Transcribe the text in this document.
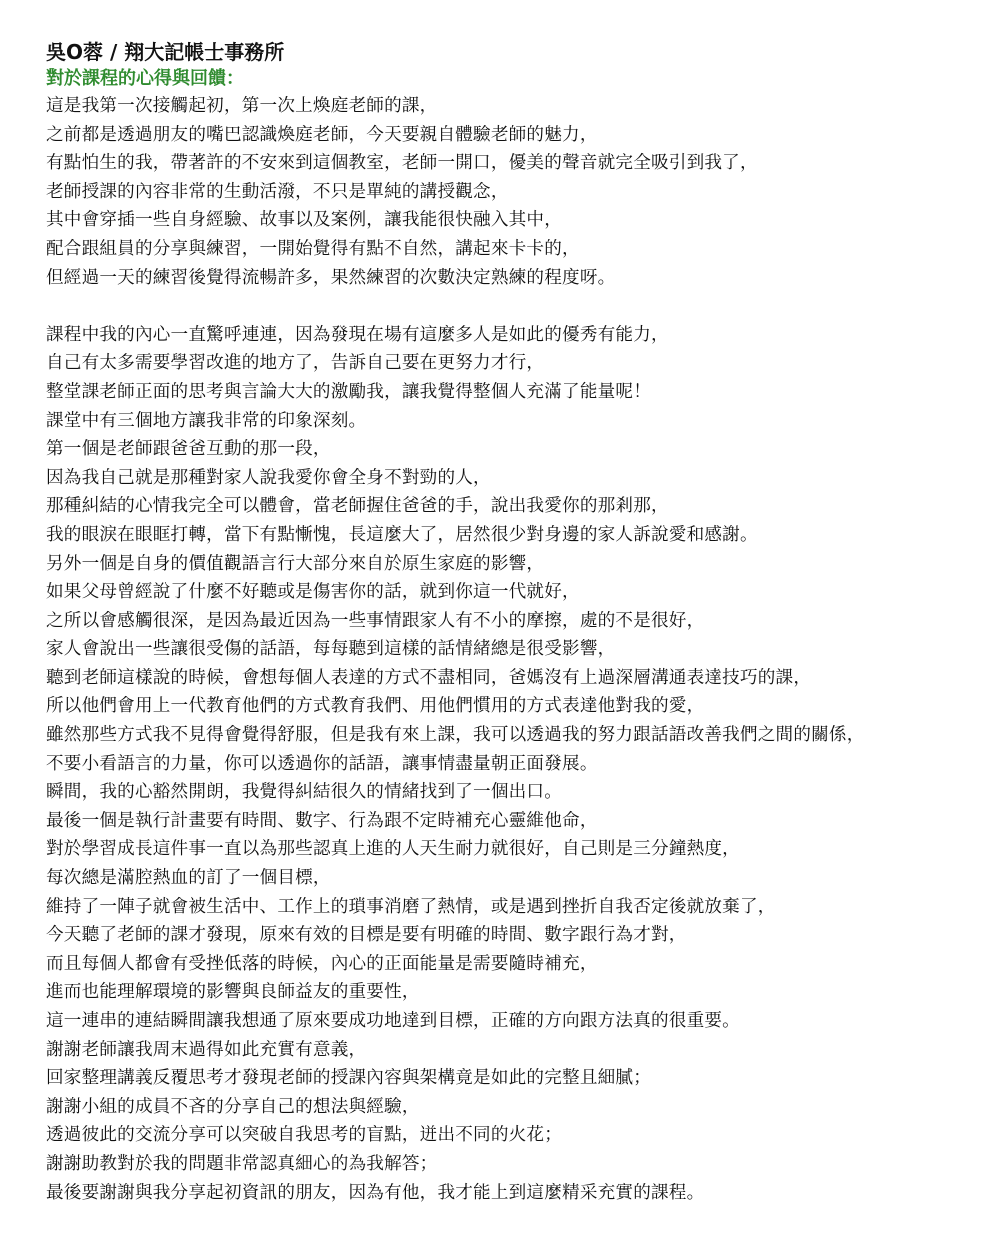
吳O蓉 / 翔大記帳士事務所
對於課程的心得與回饋：
這是我第一次接觸起初，第一次上煥庭老師的課，
之前都是透過朋友的嘴巴認識煥庭老師，今天要親自體驗老師的魅力，
有點怕生的我，帶著許的不安來到這個教室，老師一開口，優美的聲音就完全吸引到我了，
老師授課的內容非常的生動活潑，不只是單純的講授觀念，
其中會穿插一些自身經驗、故事以及案例，讓我能很快融入其中，
配合跟組員的分享與練習，一開始覺得有點不自然，講起來卡卡的，
但經過一天的練習後覺得流暢許多，果然練習的次數決定熟練的程度呀。
課程中我的內心一直驚呼連連，因為發現在場有這麼多人是如此的優秀有能力，
自己有太多需要學習改進的地方了，告訴自己要在更努力才行，
整堂課老師正面的思考與言論大大的激勵我，讓我覺得整個人充滿了能量呢！
課堂中有三個地方讓我非常的印象深刻。
第一個是老師跟爸爸互動的那一段，
因為我自己就是那種對家人說我愛你會全身不對勁的人，
那種糾結的心情我完全可以體會，當老師握住爸爸的手，說出我愛你的那剎那，
我的眼淚在眼眶打轉，當下有點慚愧，長這麼大了，居然很少對身邊的家人訴說愛和感謝。
另外一個是自身的價值觀語言行大部分來自於原生家庭的影響，
如果父母曾經說了什麼不好聽或是傷害你的話，就到你這一代就好，
之所以會感觸很深，是因為最近因為一些事情跟家人有不小的摩擦，處的不是很好，
家人會說出一些讓很受傷的話語，每每聽到這樣的話情緒總是很受影響，
聽到老師這樣說的時候，會想每個人表達的方式不盡相同，爸媽沒有上過深層溝通表達技巧的課，
所以他們會用上一代教育他們的方式教育我們、用他們慣用的方式表達他對我的愛，
雖然那些方式我不見得會覺得舒服，但是我有來上課，我可以透過我的努力跟話語改善我們之間的關係，
不要小看語言的力量，你可以透過你的話語，讓事情盡量朝正面發展。
瞬間，我的心豁然開朗，我覺得糾結很久的情緒找到了一個出口。
最後一個是執行計畫要有時間、數字、行為跟不定時補充心靈維他命，
對於學習成長這件事一直以為那些認真上進的人天生耐力就很好，自己則是三分鐘熱度，
每次總是滿腔熱血的訂了一個目標，
維持了一陣子就會被生活中、工作上的瑣事消磨了熱情，或是遇到挫折自我否定後就放棄了，
今天聽了老師的課才發現，原來有效的目標是要有明確的時間、數字跟行為才對，
而且每個人都會有受挫低落的時候，內心的正面能量是需要隨時補充，
進而也能理解環境的影響與良師益友的重要性，
這一連串的連結瞬間讓我想通了原來要成功地達到目標，正確的方向跟方法真的很重要。
謝謝老師讓我周末過得如此充實有意義，
回家整理講義反覆思考才發現老師的授課內容與架構竟是如此的完整且細膩；
謝謝小組的成員不吝的分享自己的想法與經驗，
透過彼此的交流分享可以突破自我思考的盲點，迸出不同的火花；
謝謝助教對於我的問題非常認真細心的為我解答；
最後要謝謝與我分享起初資訊的朋友，因為有他，我才能上到這麼精采充實的課程。
